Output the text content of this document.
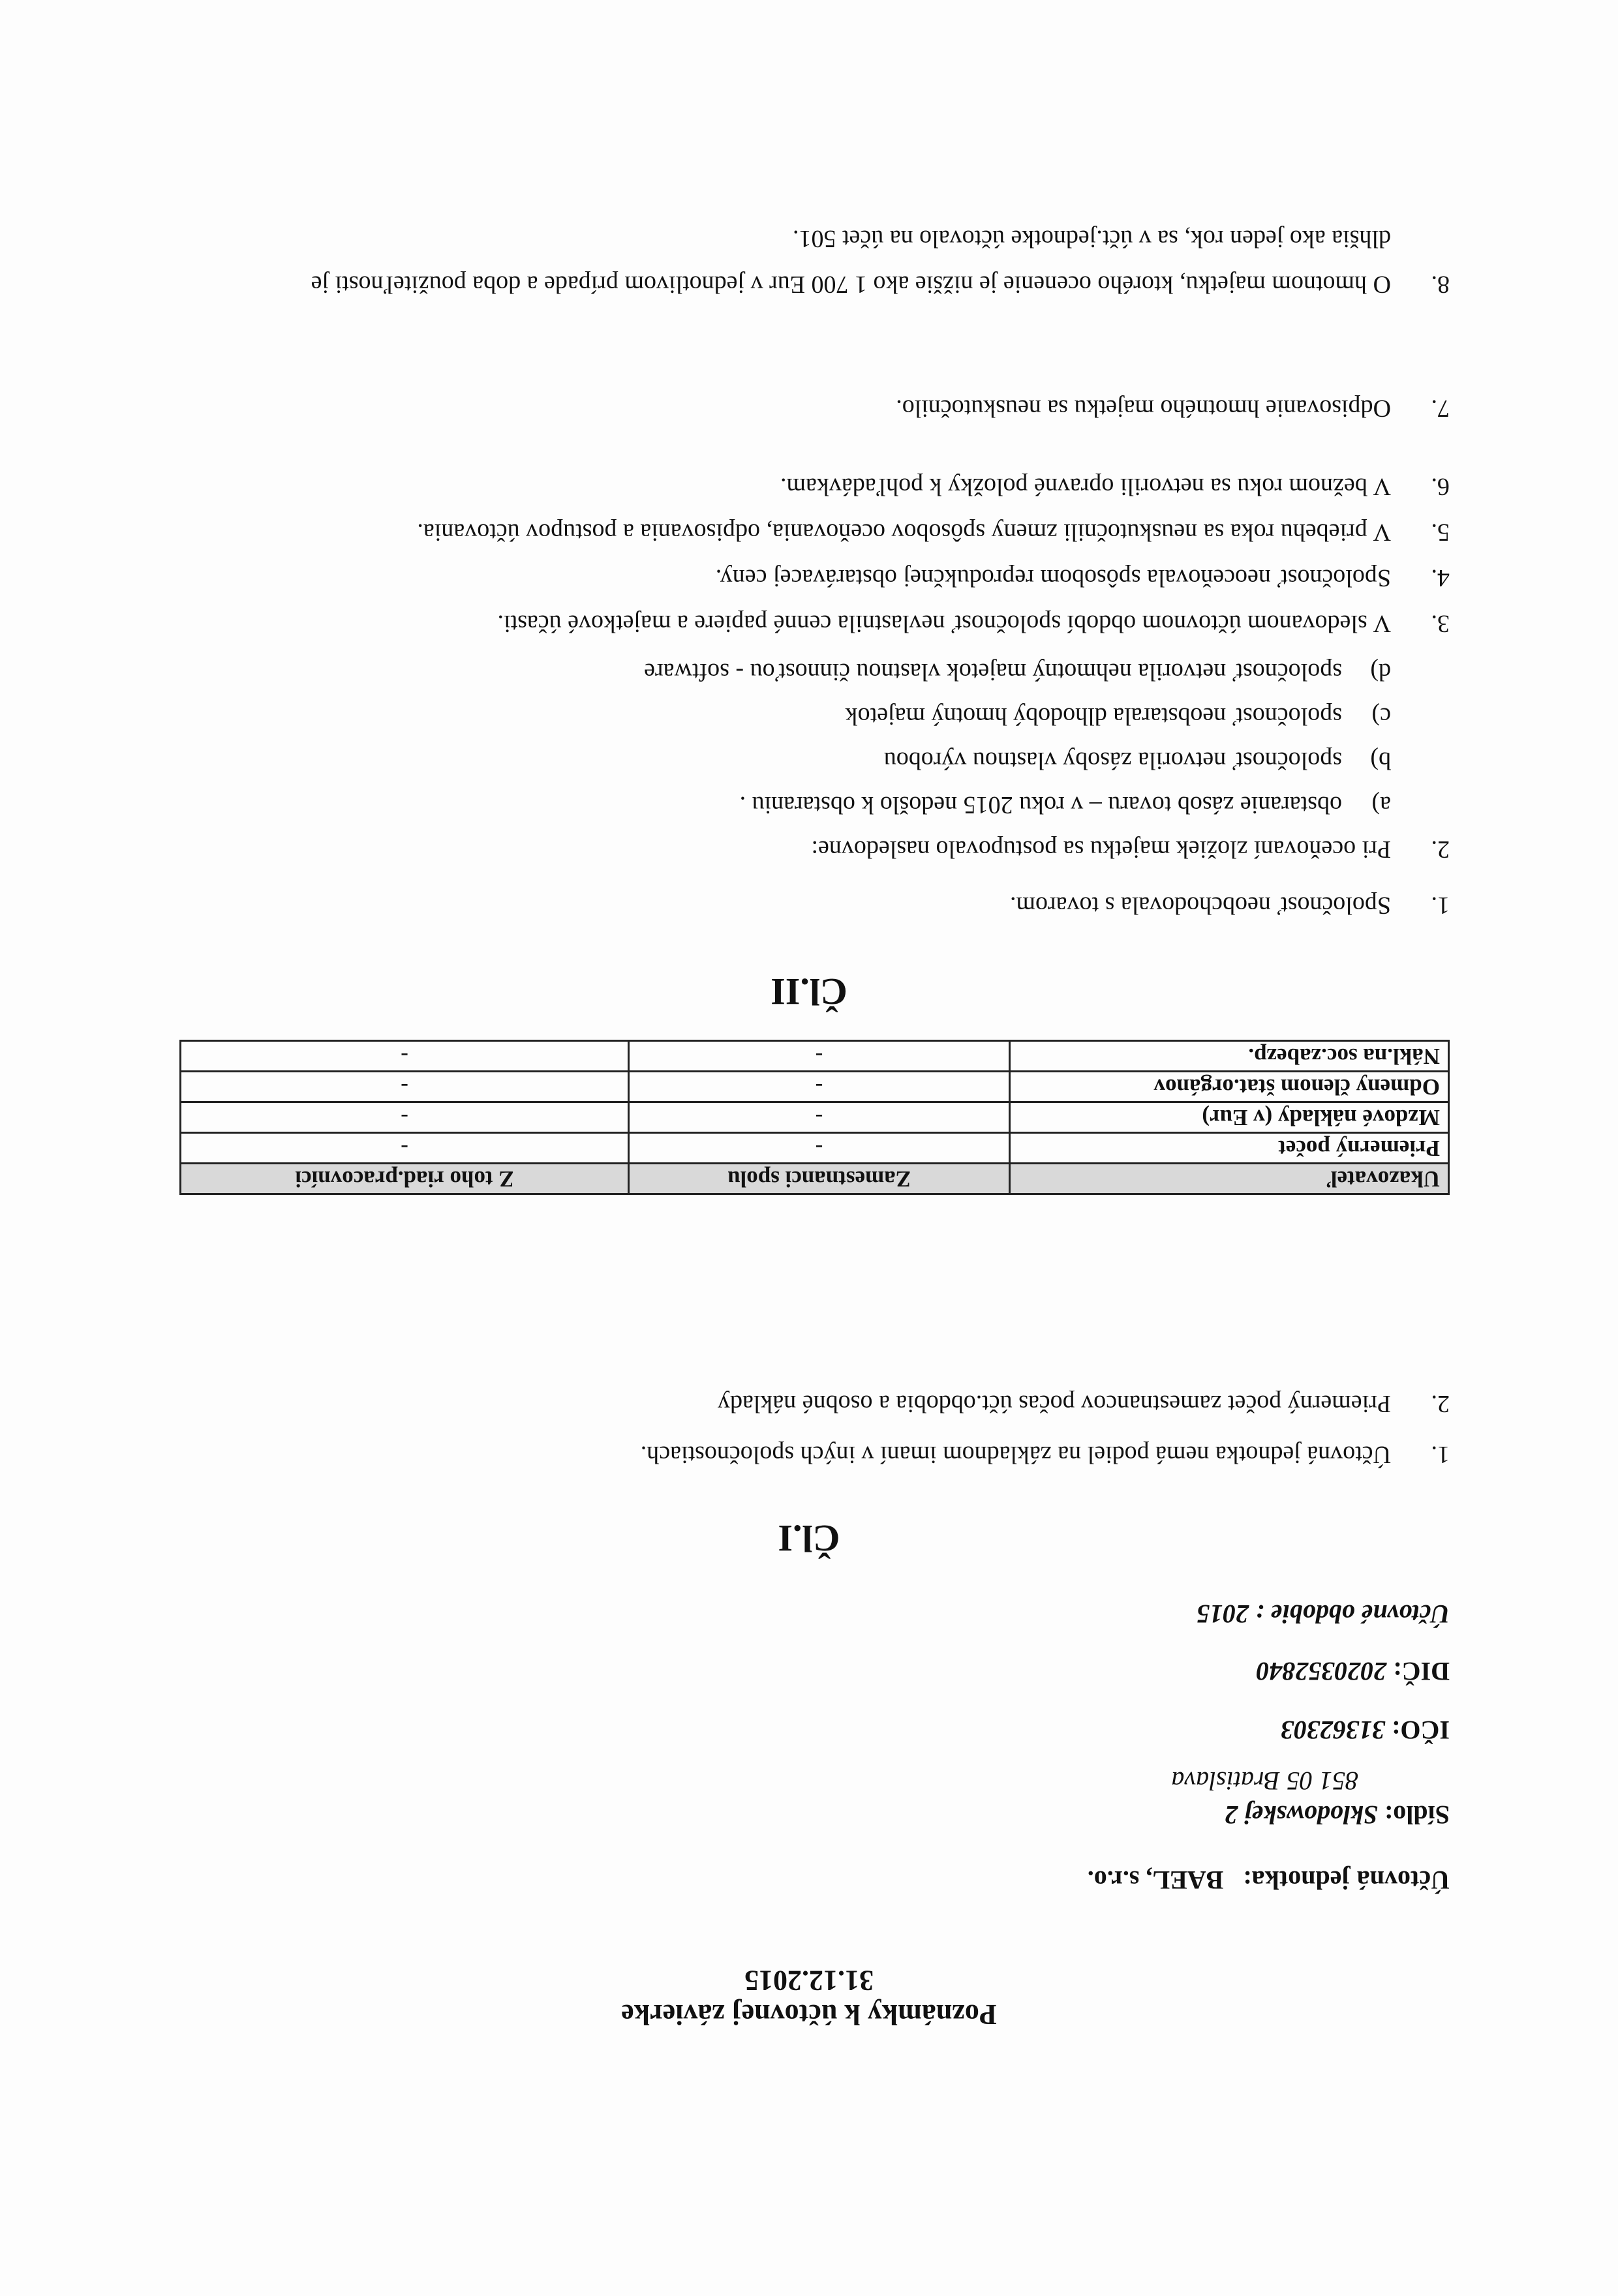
Poznámky k účtovnej závierke
31.12.2015
Účtovná jednotka:   BAEL, s.r.o.
Sídlo: Sklodowskej 2
851 05 Bratislava
IČO: 31362303
DIČ: 2020352840
Účtovné obdobie : 2015
Čl.I
1.Účtovná jednotka nemá podiel na základnom imaní v iných spoločnostiach.
2.Priemerný počet zamestnancov počas účt.obdobia a osobné náklady
Ukazovateľ	Zamestnanci spolu	Z toho riad.pracovníci
Priemerný počet	-	-
Mzdové náklady (v Eur)	-	-
Odmeny členom štat.orgánov	-	-
Nákl.na soc.zabezp.	-	-
Čl.II
1.Spoločnosť neobchodovala s tovarom.
2.Pri oceňovaní zložiek majetku sa postupovalo nasledovne:
a)obstaranie zásob tovaru – v roku 2015 nedošlo k obstaraniu .
b)spoločnosť netvorila zásoby vlastnou výrobou
c)spoločnosť neobstarala dlhodobý hmotný majetok
d)spoločnosť netvorila nehmotný majetok vlastnou činnosťou - software
3.V sledovanom účtovnom období spoločnosť nevlastnila cenné papiere a majetkové účasti.
4.Spoločnosť neoceňovala spôsobom reprodukčnej obstarávacej ceny.
5.V priebehu roka sa neuskutočnili zmeny spôsobov oceňovania, odpisovania a postupov účtovania.
6.V bežnom roku sa netvorili opravné položky k pohľadávkam.
7.Odpisovanie hmotného majetku sa neuskutočnilo.
8.O hmotnom majetku, ktorého ocenenie je nižšie ako 1 700 Eur v jednotlivom prípade a doba použiteľnosti je
dlhšia ako jeden rok, sa v účt.jednotke účtovalo na účet 501.
